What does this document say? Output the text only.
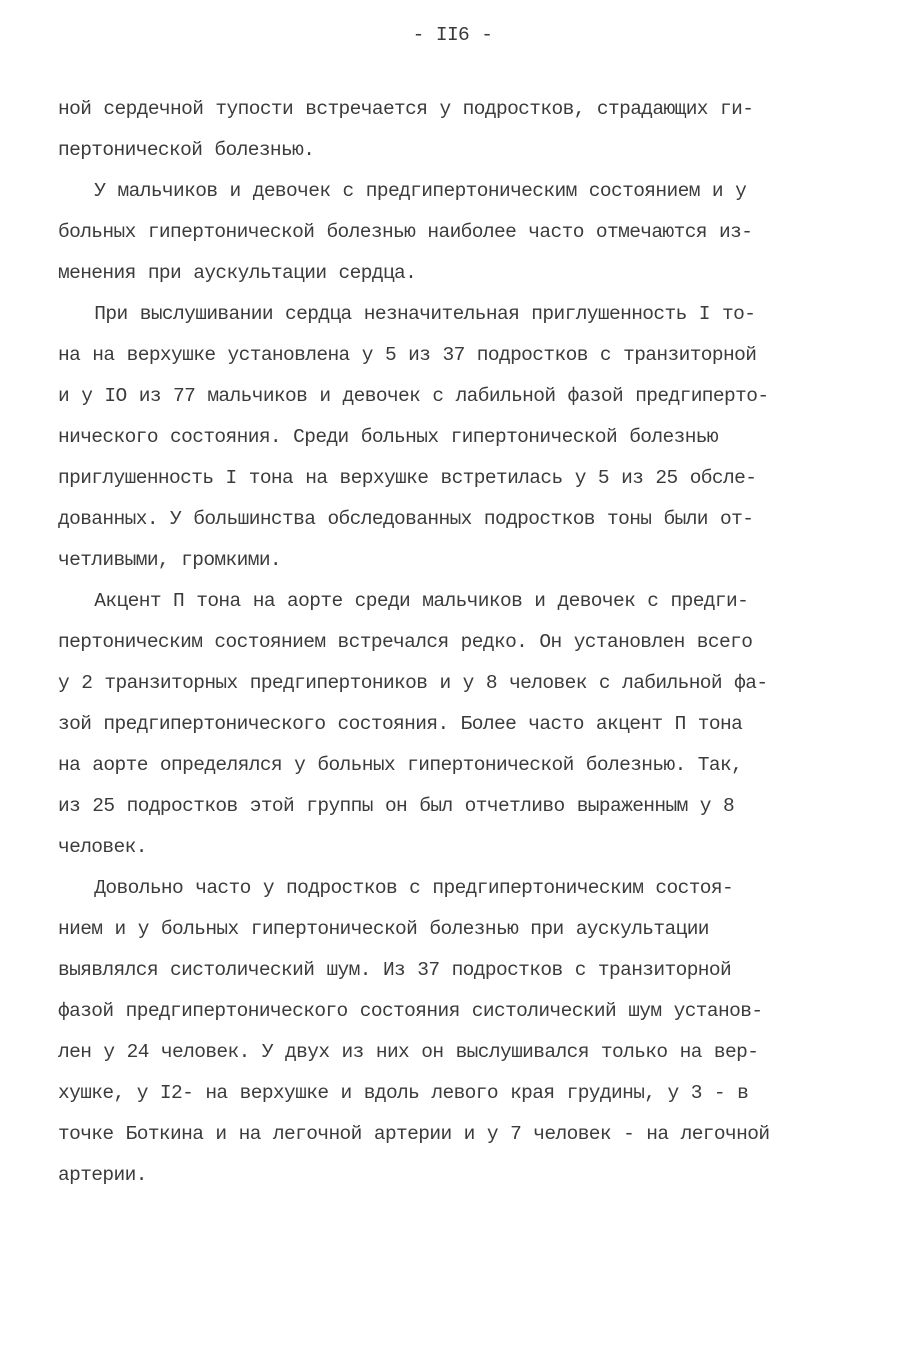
- II6 -
ной сердечной тупости встречается у подростков, страдающих ги-
пертонической болезнью.
У мальчиков и девочек с предгипертоническим состоянием и у
больных гипертонической болезнью наиболее часто отмечаются из-
менения при аускультации сердца.
При выслушивании сердца незначительная приглушенность I то-
на на верхушке установлена у 5 из 37 подростков с транзиторной
и у IO из 77 мальчиков и девочек с лабильной фазой предгиперто-
нического состояния. Среди больных гипертонической болезнью
приглушенность I тона на верхушке встретилась у 5 из 25 обсле-
дованных. У большинства обследованных подростков тоны были от-
четливыми, громкими.
Акцент П тона на аорте среди мальчиков и девочек с предги-
пертоническим состоянием встречался редко. Он установлен всего
у 2 транзиторных предгипертоников и у 8 человек с лабильной фа-
зой предгипертонического состояния. Более часто акцент П тона
на аорте определялся у больных гипертонической болезнью. Так,
из 25 подростков этой группы он был отчетливо выраженным у 8
человек.
Довольно часто у подростков с предгипертоническим состоя-
нием и у больных гипертонической болезнью при аускультации
выявлялся систолический шум. Из 37 подростков с транзиторной
фазой предгипертонического состояния систолический шум установ-
лен у 24 человек. У двух из них он выслушивался только на вер-
хушке, у I2- на верхушке и вдоль левого края грудины, у 3 - в
точке Боткина и на легочной артерии и у 7 человек - на легочной
артерии.
